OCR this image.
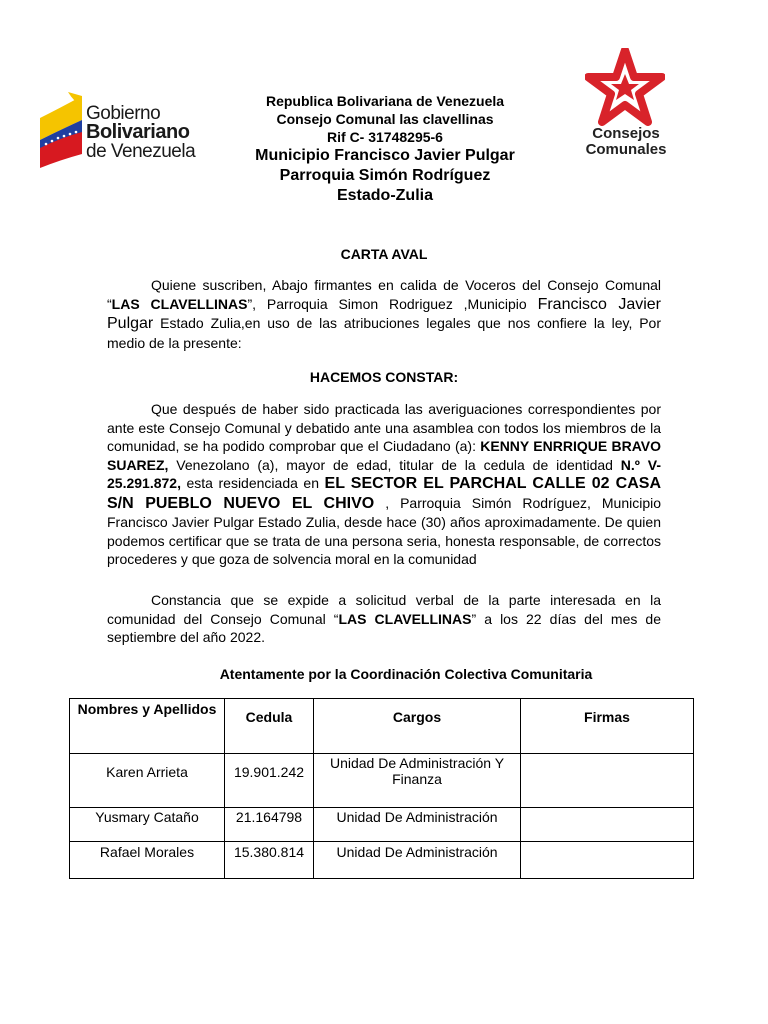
Gobierno
Bolivariano
de Venezuela
Consejos
Comunales
Republica Bolivariana de Venezuela
Consejo Comunal las clavellinas
Rif C- 31748295-6
Municipio Francisco Javier Pulgar
Parroquia Simón Rodríguez
Estado-Zulia
CARTA AVAL
Quiene suscriben, Abajo firmantes en calida de Voceros del Consejo Comunal “LAS CLAVELLINAS”, Parroquia Simon Rodriguez ,Municipio Francisco Javier Pulgar Estado Zulia,en uso de las atribuciones legales que nos confiere la ley, Por medio de la presente:
HACEMOS CONSTAR:
Que después de haber sido practicada las averiguaciones correspondientes por ante este Consejo Comunal y debatido ante una asamblea con todos los miembros de la comunidad, se ha podido comprobar que el Ciudadano (a): KENNY ENRRIQUE BRAVO SUAREZ, Venezolano (a), mayor de edad, titular de la cedula de identidad N.º V-25.291.872, esta residenciada en EL SECTOR EL PARCHAL CALLE 02 CASA S/N PUEBLO NUEVO EL CHIVO , Parroquia Simón Rodríguez, Municipio Francisco Javier Pulgar Estado Zulia, desde hace (30) años aproximadamente. De quien podemos certificar que se trata de una persona seria, honesta responsable, de correctos procederes y que goza de solvencia moral en la comunidad
Constancia que se expide a solicitud verbal de la parte interesada en la comunidad del Consejo Comunal “LAS CLAVELLINAS” a los 22 días del mes de septiembre del año 2022.
Atentamente por la Coordinación Colectiva Comunitaria
Nombres y Apellidos	Cedula	Cargos	Firmas
Karen Arrieta	19.901.242	Unidad De Administración Y Finanza	
Yusmary Cataño	21.164798	Unidad De Administración	
Rafael Morales	15.380.814	Unidad De Administración	
